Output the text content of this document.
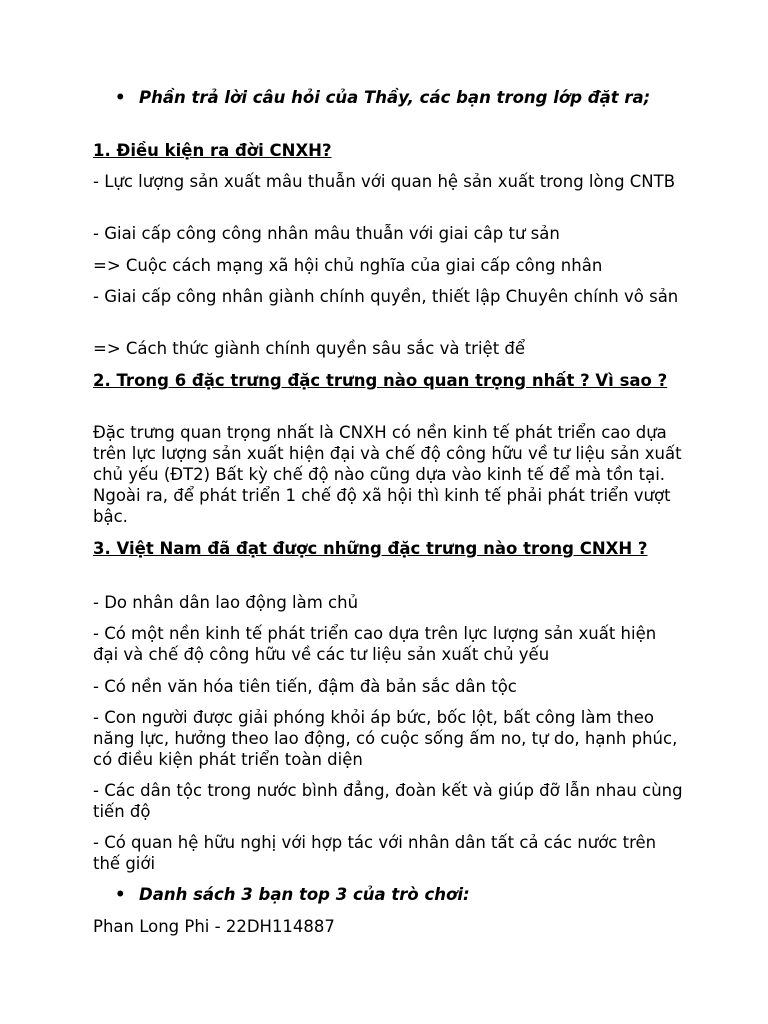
• Phần trả lời câu hỏi của Thầy, các bạn trong lớp đặt ra;

1. Điều kiện ra đời CNXH?

- Lực lượng sản xuất mâu thuẫn với quan hệ sản xuất trong lòng CNTB

- Giai cấp công công nhân mâu thuẫn với giai câp tư sản

=> Cuộc cách mạng xã hội chủ nghĩa của giai cấp công nhân

- Giai cấp công nhân giành chính quyền, thiết lập Chuyên chính vô sản

=> Cách thức giành chính quyền sâu sắc và triệt để

2. Trong 6 đặc trưng đặc trưng nào quan trọng nhất ? Vì sao ?

Đặc trưng quan trọng nhất là CNXH có nền kinh tế phát triển cao dựa trên lực lượng sản xuất hiện đại và chế độ công hữu về tư liệu sản xuất chủ yếu (ĐT2) Bất kỳ chế độ nào cũng dựa vào kinh tế để mà tồn tại. Ngoài ra, để phát triển 1 chế độ xã hội thì kinh tế phải phát triển vượt bậc.

3. Việt Nam đã đạt được những đặc trưng nào trong CNXH ?

- Do nhân dân lao động làm chủ

- Có một nền kinh tế phát triển cao dựa trên lực lượng sản xuất hiện đại và chế độ công hữu về các tư liệu sản xuất chủ yếu

- Có nền văn hóa tiên tiến, đậm đà bản sắc dân tộc

- Con người được giải phóng khỏi áp bức, bốc lột, bất công làm theo năng lực, hưởng theo lao động, có cuộc sống ấm no, tự do, hạnh phúc, có điều kiện phát triển toàn diện

- Các dân tộc trong nước bình đẳng, đoàn kết và giúp đỡ lẫn nhau cùng tiến độ

- Có quan hệ hữu nghị với hợp tác với nhân dân tất cả các nước trên thế giới

• Danh sách 3 bạn top 3 của trò chơi:

Phan Long Phi - 22DH114887
